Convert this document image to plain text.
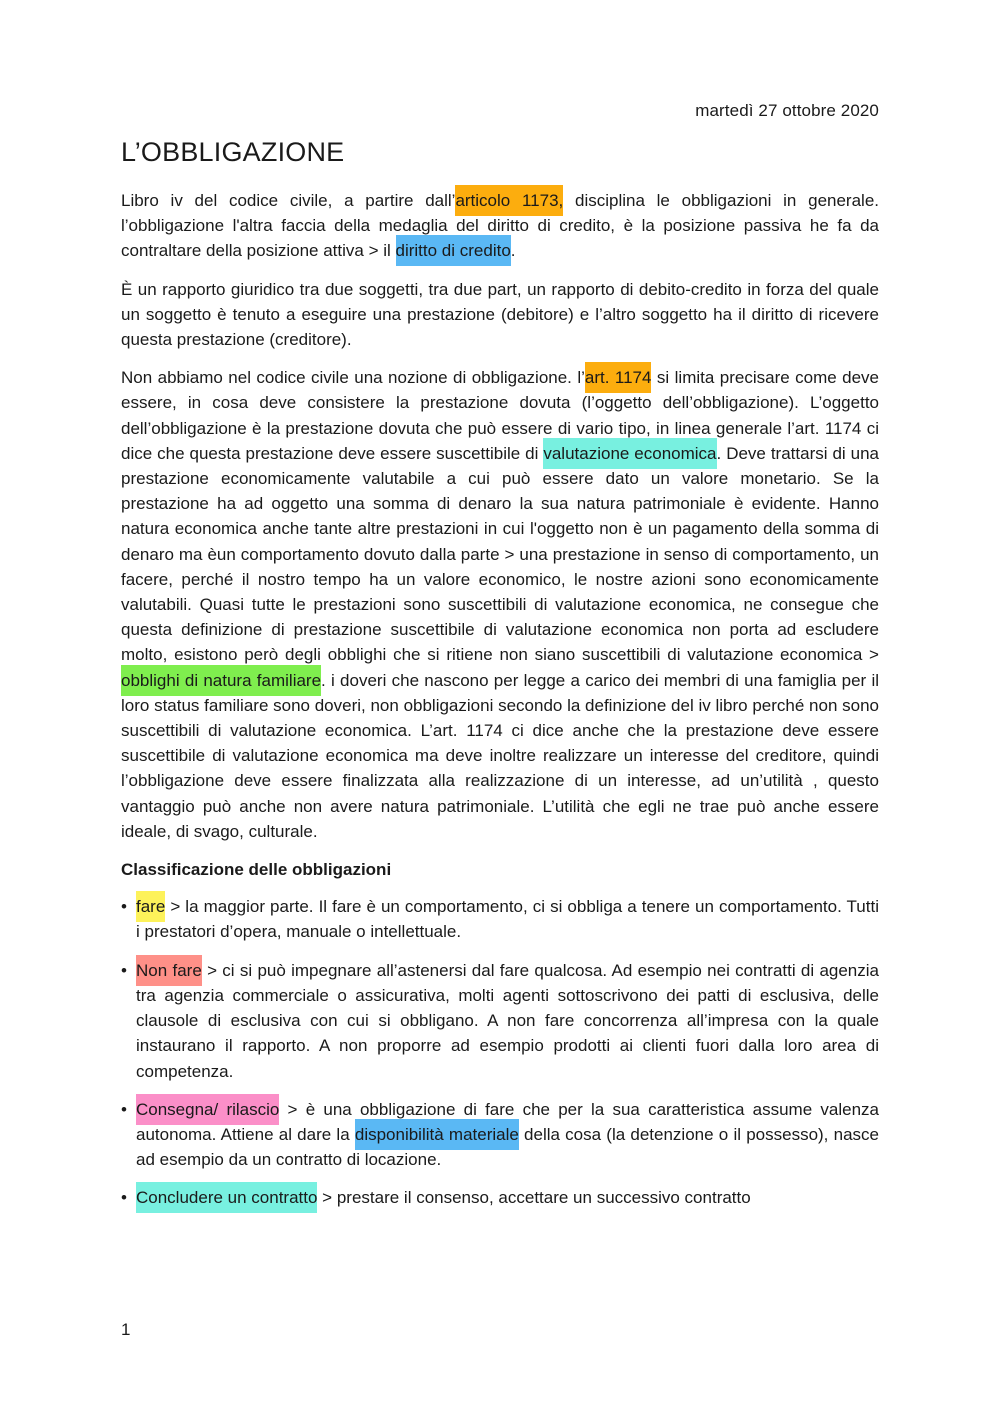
martedì 27 ottobre 2020
L’OBBLIGAZIONE

Libro iv del codice civile, a partire dall’articolo 1173, disciplina le obbligazioni in generale. l’obbligazione l'altra faccia della medaglia del diritto di credito, è la posizione passiva he fa da contraltare della posizione attiva > il diritto di credito.

È un rapporto giuridico tra due soggetti, tra due part, un rapporto di debito-credito in forza del quale un soggetto è tenuto a eseguire una prestazione (debitore) e l’altro soggetto ha il diritto di ricevere questa prestazione (creditore).

Non abbiamo nel codice civile una nozione di obbligazione. l’art. 1174 si limita precisare come deve essere, in cosa deve consistere la prestazione dovuta (l’oggetto dell’obbligazione). L’oggetto dell’obbligazione è la prestazione dovuta che può essere di vario tipo, in linea generale l’art. 1174 ci dice che questa prestazione deve essere suscettibile di valutazione economica. Deve trattarsi di una prestazione economicamente valutabile a cui può essere dato un valore monetario. Se la prestazione ha ad oggetto una somma di denaro la sua natura patrimoniale è evidente. Hanno natura economica anche tante altre prestazioni in cui l'oggetto non è un pagamento della somma di denaro ma èun comportamento dovuto dalla parte > una prestazione in senso di comportamento, un facere, perché il nostro tempo ha un valore economico, le nostre azioni sono economicamente valutabili. Quasi tutte le prestazioni sono suscettibili di valutazione economica, ne consegue che questa definizione di prestazione suscettibile di valutazione economica non porta ad escludere molto, esistono però degli obblighi che si ritiene non siano suscettibili di valutazione economica > obblighi di natura familiare. i doveri che nascono per legge a carico dei membri di una famiglia per il loro status familiare sono doveri, non obbligazioni secondo la definizione del iv libro perché non sono suscettibili di valutazione economica. L’art. 1174 ci dice anche che la prestazione deve essere suscettibile di valutazione economica ma deve inoltre realizzare un interesse del creditore, quindi l’obbligazione deve essere finalizzata alla realizzazione di un interesse, ad un’utilità , questo vantaggio può anche non avere natura patrimoniale. L’utilità che egli ne trae può anche essere ideale, di svago, culturale.

Classificazione delle obbligazioni

• fare > la maggior parte. Il fare è un comportamento, ci si obbliga a tenere un comportamento. Tutti i prestatori d’opera, manuale o intellettuale.
• Non fare > ci si può impegnare all’astenersi dal fare qualcosa. Ad esempio nei contratti di agenzia tra agenzia commerciale o assicurativa, molti agenti sottoscrivono dei patti di esclusiva, delle clausole di esclusiva con cui si obbligano. A non fare concorrenza all’impresa con la quale instaurano il rapporto. A non proporre ad esempio prodotti ai clienti fuori dalla loro area di competenza.
• Consegna/ rilascio > è una obbligazione di fare che per la sua caratteristica assume valenza autonoma. Attiene al dare la disponibilità materiale della cosa (la detenzione o il possesso), nasce ad esempio da un contratto di locazione.
• Concludere un contratto > prestare il consenso, accettare un successivo contratto
1
